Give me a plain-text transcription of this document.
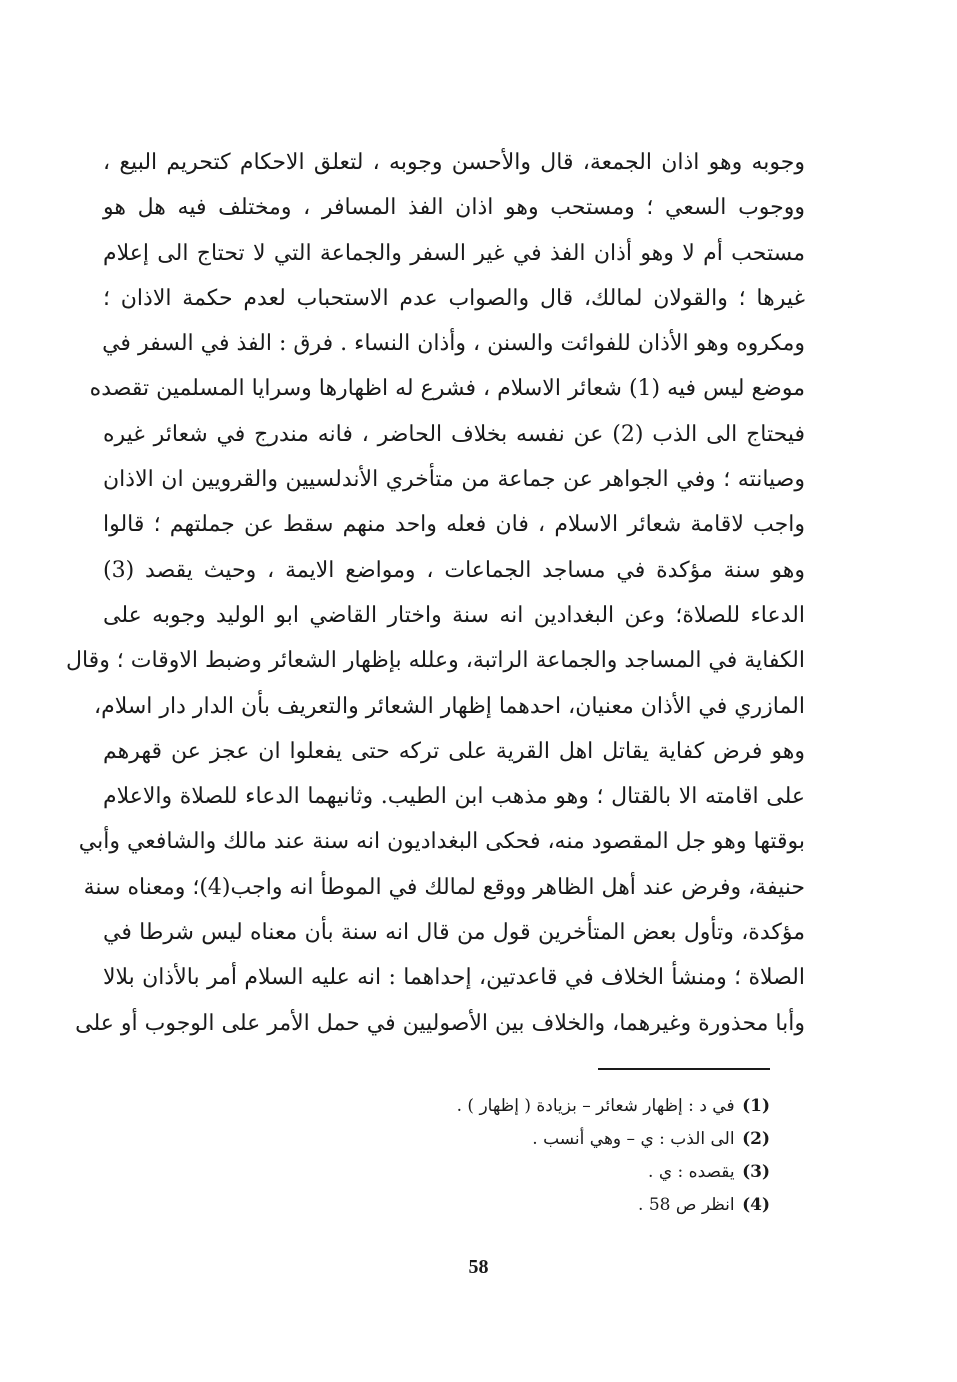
وجوبه وهو اذان الجمعة، قال والأحسن وجوبه ، لتعلق الاحكام كتحريم البيع ،
ووجوب السعي ؛ ومستحب وهو اذان الفذ المسافر ، ومختلف فيه هل هو
مستحب أم لا وهو أذان الفذ في غير السفر والجماعة التي لا تحتاج الى إعلام
غيرها ؛ والقولان لمالك، قال والصواب عدم الاستحباب لعدم حكمة الاذان ؛
ومكروه وهو الأذان للفوائت والسنن ، وأذان النساء . فرق : الفذ في السفر في
موضع ليس فيه (1) شعائر الاسلام ، فشرع له اظهارها وسرايا المسلمين تقصده
فيحتاج الى الذب (2) عن نفسه بخلاف الحاضر ، فانه مندرج في شعائر غيره
وصيانته ؛ وفي الجواهر عن جماعة من متأخري الأندلسيين والقرويين ان الاذان
واجب لاقامة شعائر الاسلام ، فان فعله واحد منهم سقط عن جملتهم ؛ قالوا
وهو سنة مؤكدة في مساجد الجماعات ، ومواضع الايمة ، وحيث يقصد (3)
الدعاء للصلاة؛ وعن البغدادين انه سنة واختار القاضي ابو الوليد وجوبه على
الكفاية في المساجد والجماعة الراتبة، وعلله بإظهار الشعائر وضبط الاوقات ؛ وقال
المازري في الأذان معنيان، احدهما إظهار الشعائر والتعريف بأن الدار دار اسلام،
وهو فرض كفاية يقاتل اهل القرية على تركه حتى يفعلوا ان عجز عن قهرهم
على اقامته الا بالقتال ؛ وهو مذهب ابن الطيب. وثانيهما الدعاء للصلاة والاعلام
بوقتها وهو جل المقصود منه، فحكى البغداديون انه سنة عند مالك والشافعي وأبي
حنيفة، وفرض عند أهل الظاهر ووقع لمالك في الموطأ انه واجب(4)؛ ومعناه سنة
مؤكدة، وتأول بعض المتأخرين قول من قال انه سنة بأن معناه ليس شرطا في
الصلاة ؛ ومنشأ الخلاف في قاعدتين، إحداهما : انه عليه السلام أمر بالأذان بلالا
وأبا محذورة وغيرهما، والخلاف بين الأصوليين في حمل الأمر على الوجوب أو على
(1) في د : إظهار شعائر – بزيادة ( إظهار ) .
(2) الى الذب : ي – وهي أنسب .
(3) يقصده : ي .
(4) انظر ص 58 .
58
